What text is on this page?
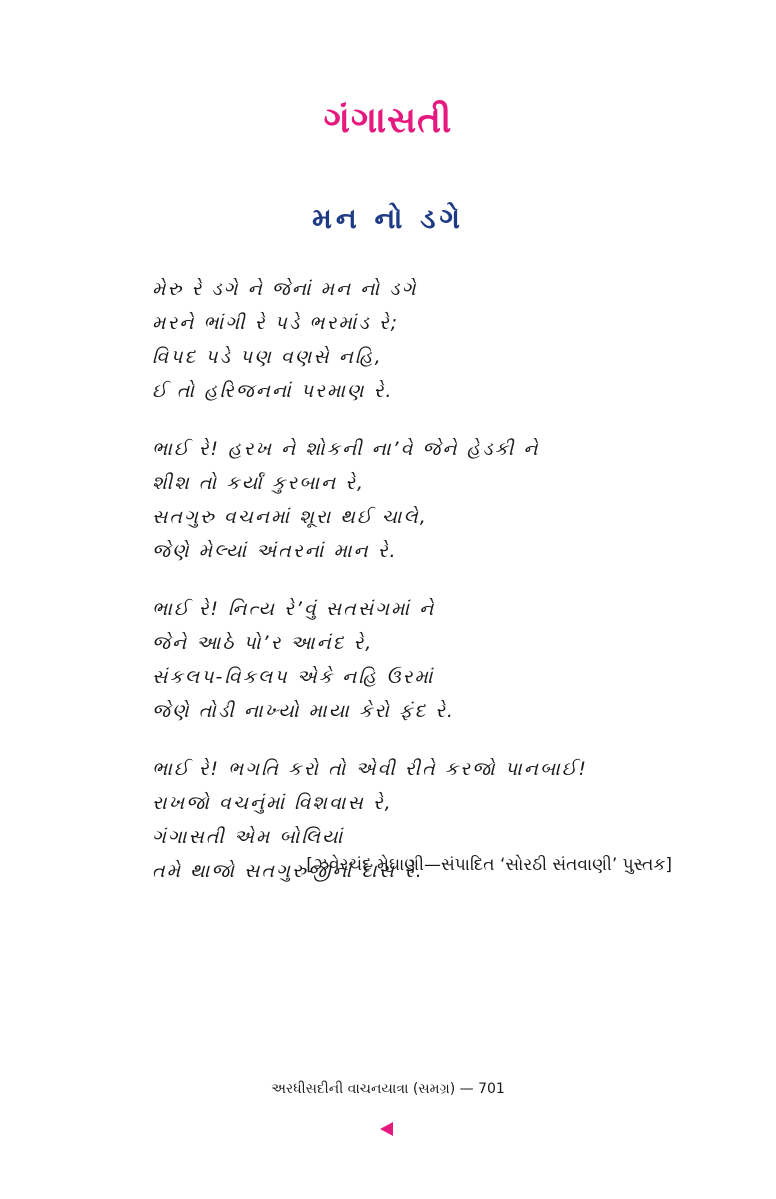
ગંગાસતી
મન નો ડગે
મેરુ રે ડગે ને જેનાં મન નો ડગે
મરને ભાંગી રે પડે ભરમાંડ રે;
વિપદ પડે પણ વણસે નહિ,
ઈ તો હરિજનનાં પરમાણ રે.
ભાઈ રે! હરખ ને શોકની ના’વે જેને હેડકી ને
શીશ તો કર્યાં કુરબાન રે,
સતગુરુ વચનમાં શૂરા થઈ ચાલે,
જેણે મેલ્યાં અંતરનાં માન રે.
ભાઈ રે! નિત્ય રે’વું સતસંગમાં ને
જેને આઠે પો’ર આનંદ રે,
સંકલપ-વિકલપ એકે નહિ ઉરમાં
જેણે તોડી નાખ્યો માયા કેરો ફંદ રે.
ભાઈ રે! ભગતિ કરો તો એવી રીતે કરજો પાનબાઈ!
રાખજો વચનુંમાં વિશવાસ રે,
ગંગાસતી એમ બોલિયાં
તમે થાજો સતગુરુજીનાં દાસ રે.
[ઝવેરચંદ મેઘાણી—સંપાદિત ‘સોરઠી સંતવાણી’ પુસ્તક]
અરધીસદીની વાચનયાત્રા (સમગ્ર) — 701
